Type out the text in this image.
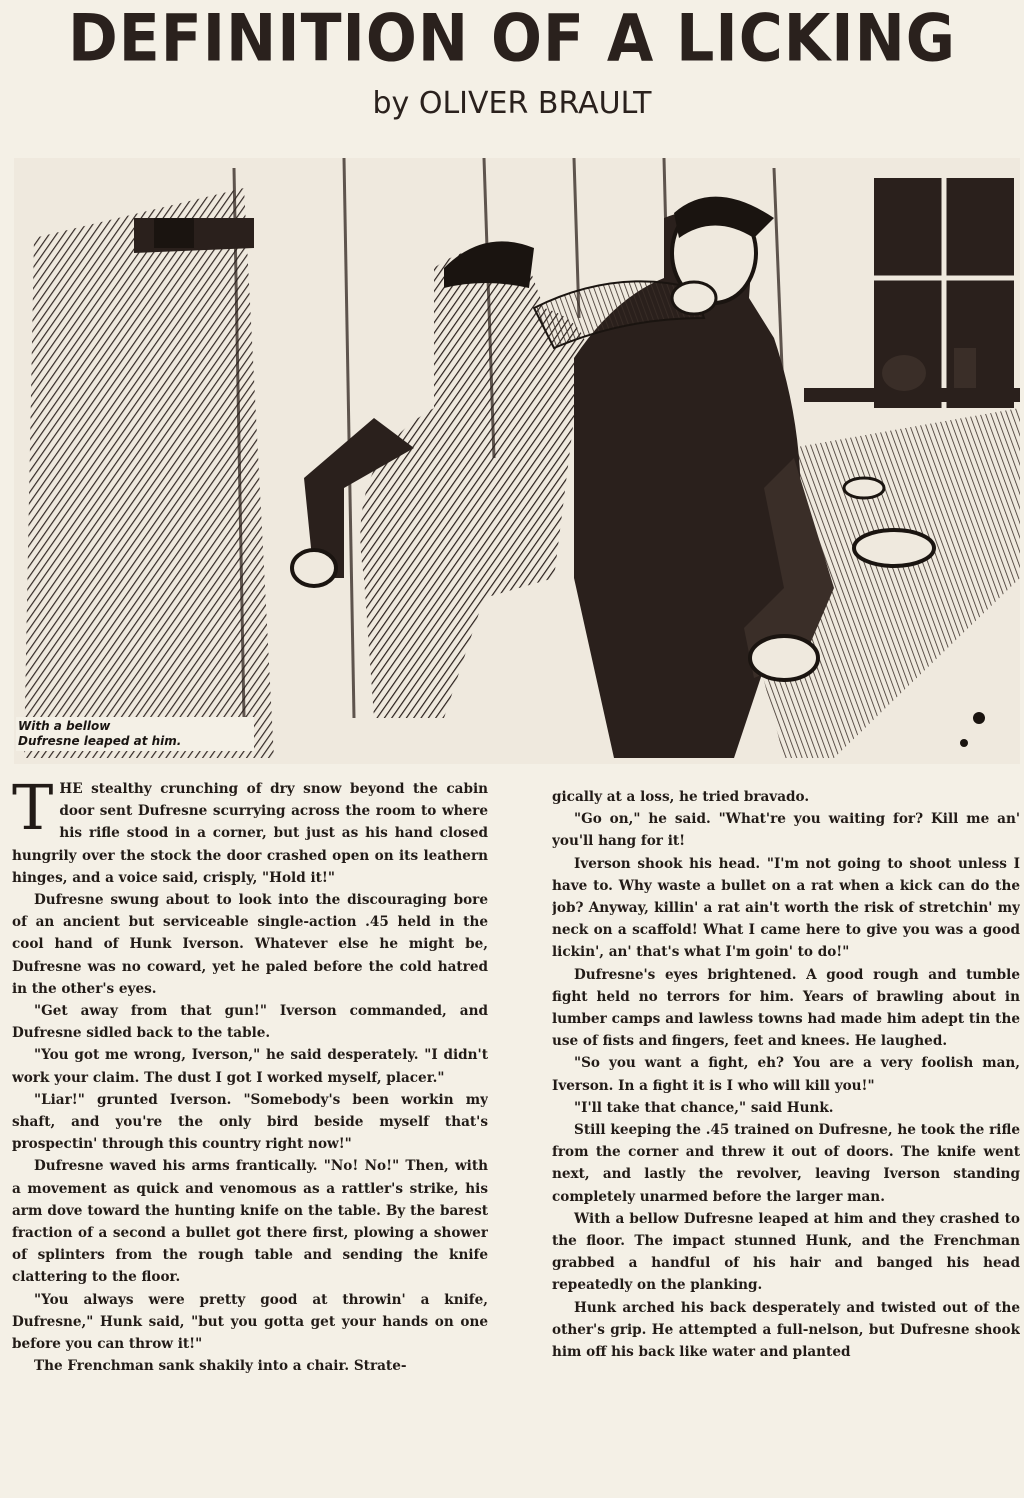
DEFINITION OF A LICKING
by OLIVER BRAULT
With a bellow
Dufresne leaped at him.

THE stealthy crunching of dry snow beyond the cabin door sent Dufresne scurrying across the room to where his rifle stood in a corner, but just as his hand closed hungrily over the stock the door crashed open on its leathern hinges, and a voice said, crisply, "Hold it!"

Dufresne swung about to look into the discouraging bore of an ancient but serviceable single-action .45 held in the cool hand of Hunk Iverson. Whatever else he might be, Dufresne was no coward, yet he paled before the cold hatred in the other's eyes.

"Get away from that gun!" Iverson commanded, and Dufresne sidled back to the table.

"You got me wrong, Iverson," he said desperately. "I didn't work your claim. The dust I got I worked myself, placer."

"Liar!" grunted Iverson. "Somebody's been workin my shaft, and you're the only bird beside myself that's prospectin' through this country right now!"

Dufresne waved his arms frantically. "No! No!" Then, with a movement as quick and venomous as a rattler's strike, his arm dove toward the hunting knife on the table. By the barest fraction of a second a bullet got there first, plowing a shower of splinters from the rough table and sending the knife clattering to the floor.

"You always were pretty good at throwin' a knife, Dufresne," Hunk said, "but you gotta get your hands on one before you can throw it!"

The Frenchman sank shakily into a chair. Strate-

gically at a loss, he tried bravado.

"Go on," he said. "What're you waiting for? Kill me an' you'll hang for it!

Iverson shook his head. "I'm not going to shoot unless I have to. Why waste a bullet on a rat when a kick can do the job? Anyway, killin' a rat ain't worth the risk of stretchin' my neck on a scaffold! What I came here to give you was a good lickin', an' that's what I'm goin' to do!"

Dufresne's eyes brightened. A good rough and tumble fight held no terrors for him. Years of brawling about in lumber camps and lawless towns had made him adept tin the use of fists and fingers, feet and knees. He laughed.

"So you want a fight, eh? You are a very foolish man, Iverson. In a fight it is I who will kill you!"

"I'll take that chance," said Hunk.

Still keeping the .45 trained on Dufresne, he took the rifle from the corner and threw it out of doors. The knife went next, and lastly the revolver, leaving Iverson standing completely unarmed before the larger man.

With a bellow Dufresne leaped at him and they crashed to the floor. The impact stunned Hunk, and the Frenchman grabbed a handful of his hair and banged his head repeatedly on the planking.

Hunk arched his back desperately and twisted out of the other's grip. He attempted a full-nelson, but Dufresne shook him off his back like water and planted
